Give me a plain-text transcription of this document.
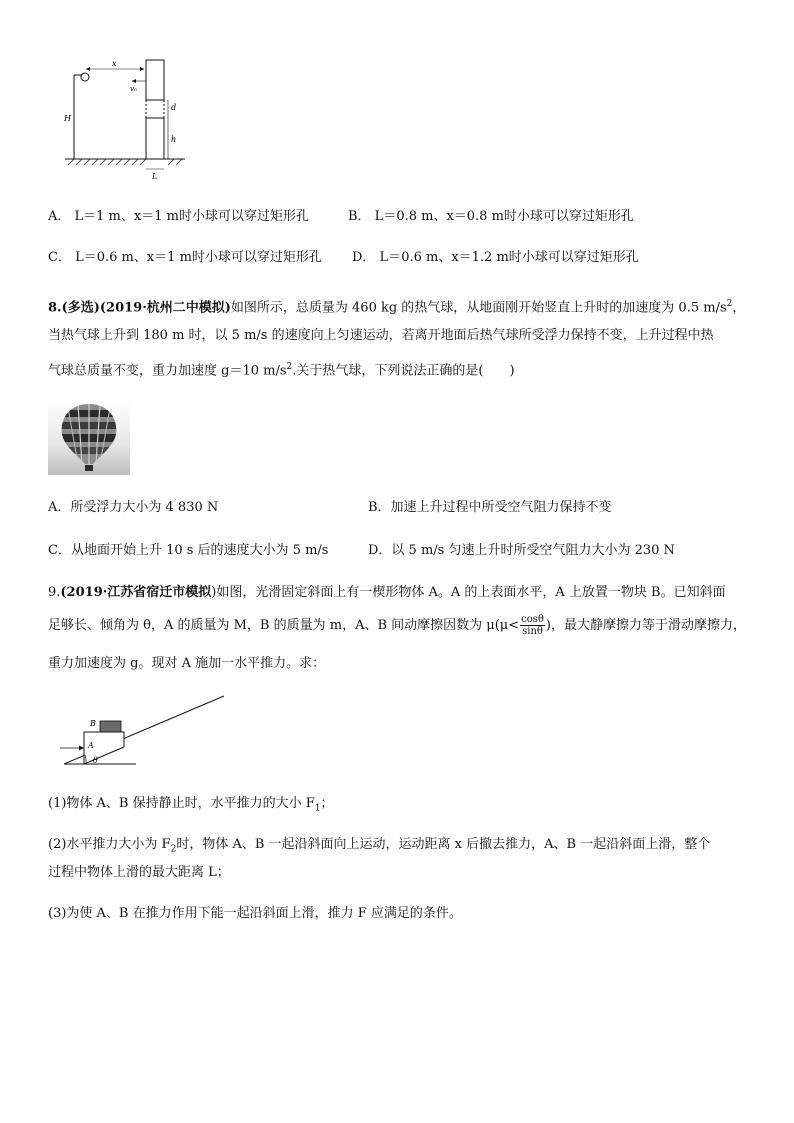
x
v₀
d
H
h
L
A． L＝1 m、x＝1 m时小球可以穿过矩形孔	B． L＝0.8 m、x＝0.8 m时小球可以穿过矩形孔
C． L＝0.6 m、x＝1 m时小球可以穿过矩形孔 D． L＝0.6 m、x＝1.2 m时小球可以穿过矩形孔
8.(多选)(2019·杭州二中模拟)如图所示，总质量为 460 kg 的热气球，从地面刚开始竖直上升时的加速度为 0.5 $m/s^2$，
当热气球上升到 180 m 时，以 5 m/s 的速度向上匀速运动，若离开地面后热气球所受浮力保持不变，上升过程中热
气球总质量不变，重力加速度 g＝10 $m/s^2$.关于热气球，下列说法正确的是(　　)
A．所受浮力大小为 4 830 N	B．加速上升过程中所受空气阻力保持不变
C．从地面开始上升 10 s 后的速度大小为 5 m/s	D．以 5 m/s 匀速上升时所受空气阻力大小为 230 N
9.(2019·江苏省宿迁市模拟)如图，光滑固定斜面上有一楔形物体 A。A 的上表面水平，A 上放置一物块 B。已知斜面
足够长、倾角为 θ，A 的质量为 M，B 的质量为 m，A、B 间动摩擦因数为 $\mu(\mu< \frac{\cos\theta}{\sin\theta}$ )，最大静摩擦力等于滑动摩擦力，
重力加速度为 g。现对 A 施加一水平推力。求：
B
A
θ
(1)物体 A、B 保持静止时，水平推力的大小 $F_1$；
(2)水平推力大小为 $F_2$时，物体 A、B 一起沿斜面向上运动，运动距离 x 后撤去推力，A、B 一起沿斜面上滑，整个
过程中物体上滑的最大距离 L；
(3)为使 A、B 在推力作用下能一起沿斜面上滑，推力 F 应满足的条件。
